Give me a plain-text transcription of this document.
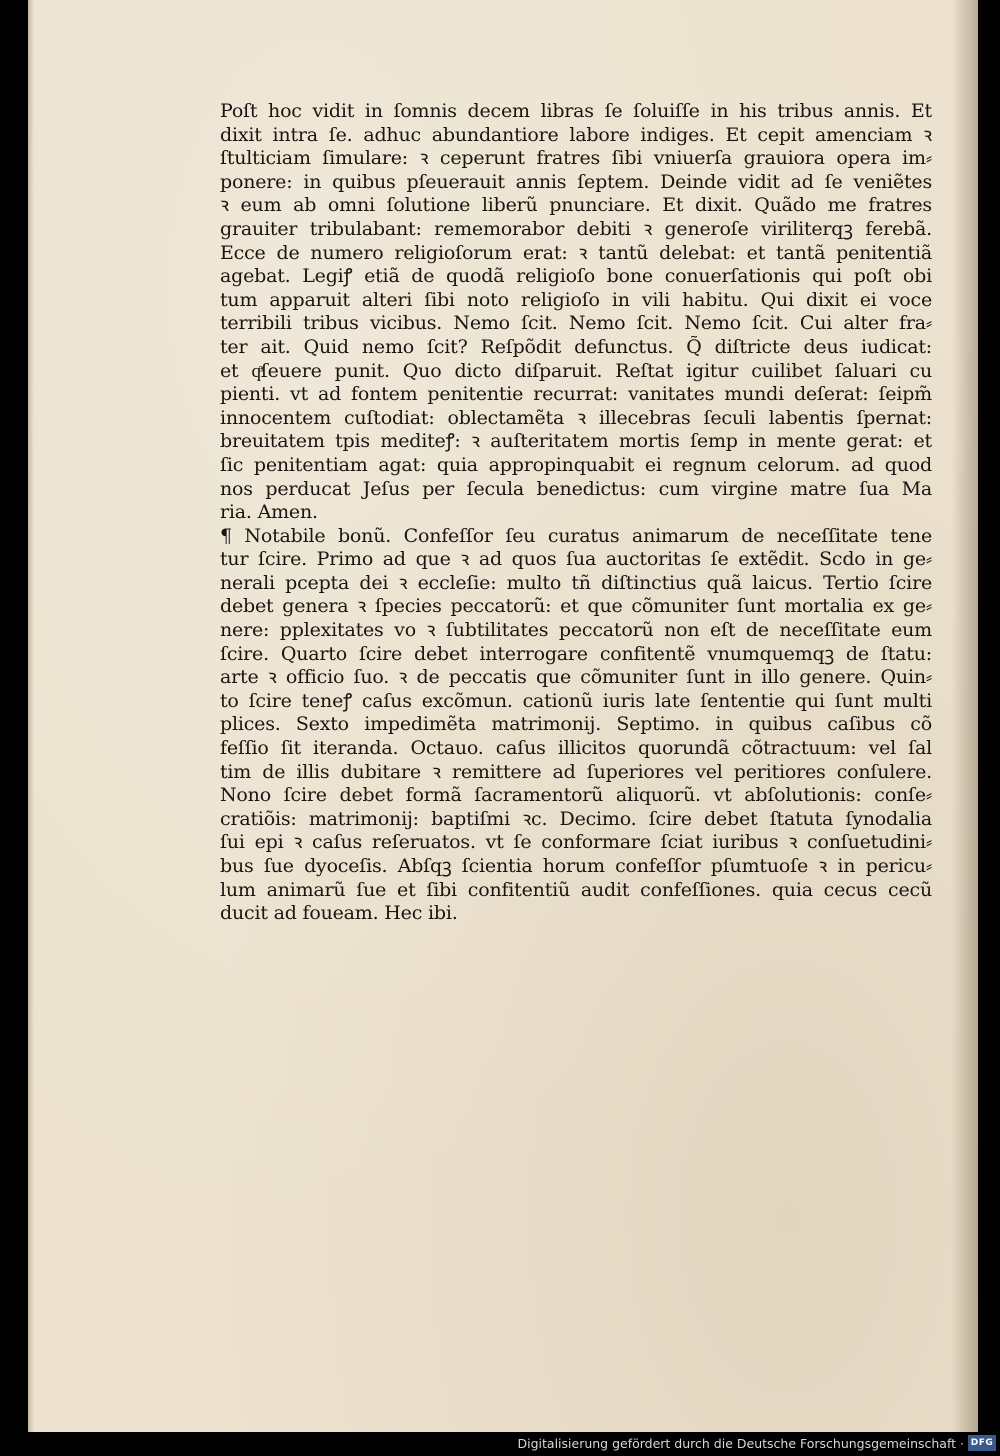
Poſt hoc vidit in ſomnis decem libras ſe ſoluiſſe in his tribus annis. Et
dixit intra ſe. adhuc abundantiore labore indiges. Et cepit amenciam ꝛ
ſtulticiam ſimulare: ꝛ ceperunt fratres ſibi vniuerſa grauiora opera im⸗
ponere: in quibus pſeuerauit annis ſeptem. Deinde vidit ad ſe veniẽtes
ꝛ eum ab omni ſolutione liberũ pnunciare. Et dixit. Quãdo me fratres
grauiter tribulabant: rememorabor debiti ꝛ generoſe viriliterqꝫ ferebã.
Ecce de numero religioſorum erat: ꝛ tantũ delebat: et tantã penitentiã
agebat. Legiꝭ etiã de quodã religioſo bone conuerſationis qui poſt obi
tum apparuit alteri ſibi noto religioſo in vili habitu. Qui dixit ei voce
terribili tribus vicibus. Nemo ſcit. Nemo ſcit. Nemo ſcit. Cui alter fra⸗
ter ait. Quid nemo ſcit? Reſpõdit defunctus. Q̃ diſtricte deus iudicat:
et qͣſeuere punit. Quo dicto diſparuit. Reſtat igitur cuilibet ſaluari cu
pienti. vt ad fontem penitentie recurrat: vanitates mundi deſerat: ſeipm̃
innocentem cuſtodiat: oblectamẽta ꝛ illecebras ſeculi labentis ſpernat:
breuitatem tpis mediteꝭ: ꝛ auſteritatem mortis ſemp in mente gerat: et
ſic penitentiam agat: quia appropinquabit ei regnum celorum. ad quod
nos perducat Jeſus per ſecula benedictus: cum virgine matre ſua Ma
ria. Amen.
¶ Notabile bonũ. Confeſſor ſeu curatus animarum de neceſſitate tene
tur ſcire. Primo ad que ꝛ ad quos ſua auctoritas ſe extẽdit. Scdo in ge⸗
nerali pcepta dei ꝛ eccleſie: multo tñ diſtinctius quã laicus. Tertio ſcire
debet genera ꝛ ſpecies peccatorũ: et que cõmuniter ſunt mortalia ex ge⸗
nere: pplexitates vo ꝛ ſubtilitates peccatorũ non eſt de neceſſitate eum
ſcire. Quarto ſcire debet interrogare confitentẽ vnumquemqꝫ de ſtatu:
arte ꝛ officio ſuo. ꝛ de peccatis que cõmuniter ſunt in illo genere. Quin⸗
to ſcire teneꝭ caſus excõmun. cationũ iuris late ſententie qui ſunt multi
plices. Sexto impedimẽta matrimonij. Septimo. in quibus caſibus cõ
feſſio ſit iteranda. Octauo. caſus illicitos quorundã cõtractuum: vel ſal
tim de illis dubitare ꝛ remittere ad ſuperiores vel peritiores conſulere.
Nono ſcire debet formã ſacramentorũ aliquorũ. vt abſolutionis: conſe⸗
cratiõis: matrimonij: baptiſmi ꝛc. Decimo. ſcire debet ſtatuta ſynodalia
ſui epi ꝛ caſus reſeruatos. vt ſe conformare ſciat iuribus ꝛ conſuetudini⸗
bus ſue dyoceſis. Abſqꝫ ſcientia horum confeſſor pſumtuoſe ꝛ in pericu⸗
lum animarũ ſue et ſibi confitentiũ audit confeſſiones. quia cecus cecũ
ducit ad foueam. Hec ibi.
Digitalisierung gefördert durch die Deutsche Forschungsgemeinschaft · DFG
